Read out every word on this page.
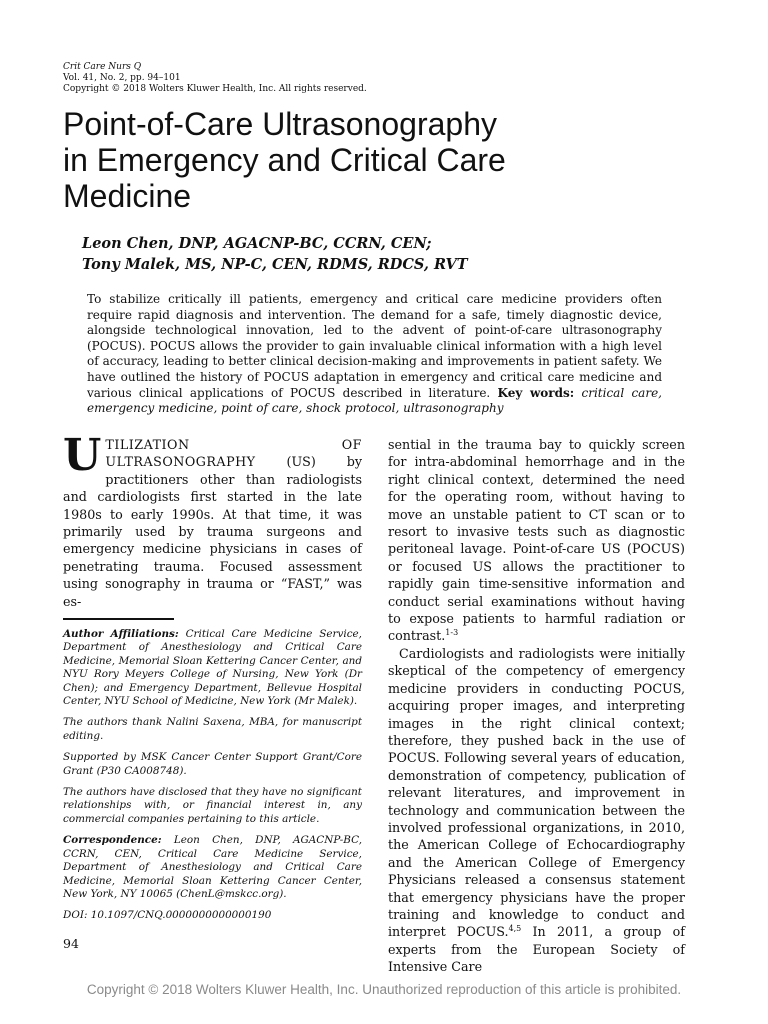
Crit Care Nurs Q
Vol. 41, No. 2, pp. 94–101
Copyright © 2018 Wolters Kluwer Health, Inc. All rights reserved.
Point-of-Care Ultrasonography
in Emergency and Critical Care
Medicine
Leon Chen, DNP, AGACNP-BC, CCRN, CEN;
Tony Malek, MS, NP-C, CEN, RDMS, RDCS, RVT
To stabilize critically ill patients, emergency and critical care medicine providers often require rapid diagnosis and intervention. The demand for a safe, timely diagnostic device, alongside technological innovation, led to the advent of point-of-care ultrasonography (POCUS). POCUS allows the provider to gain invaluable clinical information with a high level of accuracy, leading to better clinical decision-making and improvements in patient safety. We have outlined the history of POCUS adaptation in emergency and critical care medicine and various clinical applications of POCUS described in literature. Key words: critical care, emergency medicine, point of care, shock protocol, ultrasonography
UTILIZATION OF ULTRASONOGRAPHY (US) by practitioners other than radiologists and cardiologists first started in the late 1980s to early 1990s. At that time, it was primarily used by trauma surgeons and emergency medicine physicians in cases of penetrating trauma. Focused assessment using sonography in trauma or “FAST,” was es-

sential in the trauma bay to quickly screen for intra-abdominal hemorrhage and in the right clinical context, determined the need for the operating room, without having to move an unstable patient to CT scan or to resort to invasive tests such as diagnostic peritoneal lavage. Point-of-care US (POCUS) or focused US allows the practitioner to rapidly gain time-sensitive information and conduct serial examinations without having to expose patients to harmful radiation or contrast.$^{1-3}$

Cardiologists and radiologists were initially skeptical of the competency of emergency medicine providers in conducting POCUS, acquiring proper images, and interpreting images in the right clinical context; therefore, they pushed back in the use of POCUS. Following several years of education, demonstration of competency, publication of relevant literatures, and improvement in technology and communication between the involved professional organizations, in 2010, the American College of Echocardiography and the American College of Emergency Physicians released a consensus statement that emergency physicians have the proper training and knowledge to conduct and interpret POCUS.$^{4,5}$ In 2011, a group of experts from the European Society of Intensive Care

Author Affiliations: Critical Care Medicine Service, Department of Anesthesiology and Critical Care Medicine, Memorial Sloan Kettering Cancer Center, and NYU Rory Meyers College of Nursing, New York (Dr Chen); and Emergency Department, Bellevue Hospital Center, NYU School of Medicine, New York (Mr Malek).

The authors thank Nalini Saxena, MBA, for manuscript editing.

Supported by MSK Cancer Center Support Grant/Core Grant (P30 CA008748).

The authors have disclosed that they have no significant relationships with, or financial interest in, any commercial companies pertaining to this article.

Correspondence: Leon Chen, DNP, AGACNP-BC, CCRN, CEN, Critical Care Medicine Service, Department of Anesthesiology and Critical Care Medicine, Memorial Sloan Kettering Cancer Center, New York, NY 10065 (ChenL@mskcc.org).

DOI: 10.1097/CNQ.0000000000000190

94
Copyright © 2018 Wolters Kluwer Health, Inc. Unauthorized reproduction of this article is prohibited.
